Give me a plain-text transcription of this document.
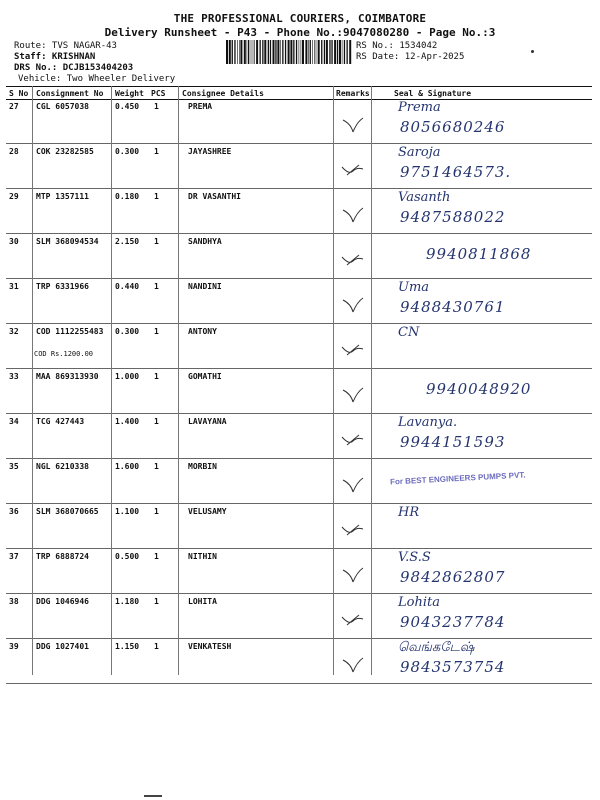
THE PROFESSIONAL COURIERS, COIMBATORE
Delivery Runsheet - P43 - Phone No.:9047080280 - Page No.:3
Route: TVS NAGAR-43
Staff: KRISHNAN
DRS No.: DCJB153404203
Vehicle: Two Wheeler Delivery
RS No.: 1534042
RS Date: 12-Apr-2025
S No Consignment No Weight PCS Consignee Details	Remarks	Seal & Signature
27 CGL 6057038	0.450 1	PREMA	Prema
8056680246
28 COK 23282585	0.300 1	JAYASHREE	Saroja
9751464573.
29 MTP 1357111	0.180 1	DR VASANTHI	Vasanth
9487588022
30 SLM 368094534 2.150 1	SANDHYA
9940811868
31 TRP 6331966	0.440 1	NANDINI	Uma
9488430761
32 COD 1112255483 0.300 1	ANTONY
COD Rs.1200.00
CN
33 MAA 869313930 1.000 1	GOMATHI
9940048920
34 TCG 427443	1.400 1	LAVAYANA	Lavanya.
9944151593
35 NGL 6210338	1.600 1	MORBIN
For BEST ENGINEERS PUMPS PVT.
36 SLM 368070665 1.100 1	VELUSAMY	HR
37 TRP 6888724	0.500 1	NITHIN	V.S.S
9842862807
38 DDG 1046946	1.180 1	LOHITA	Lohita
9043237784
39 DDG 1027401	1.150 1	VENKATESH	வெங்கடேஷ்
9843573754
